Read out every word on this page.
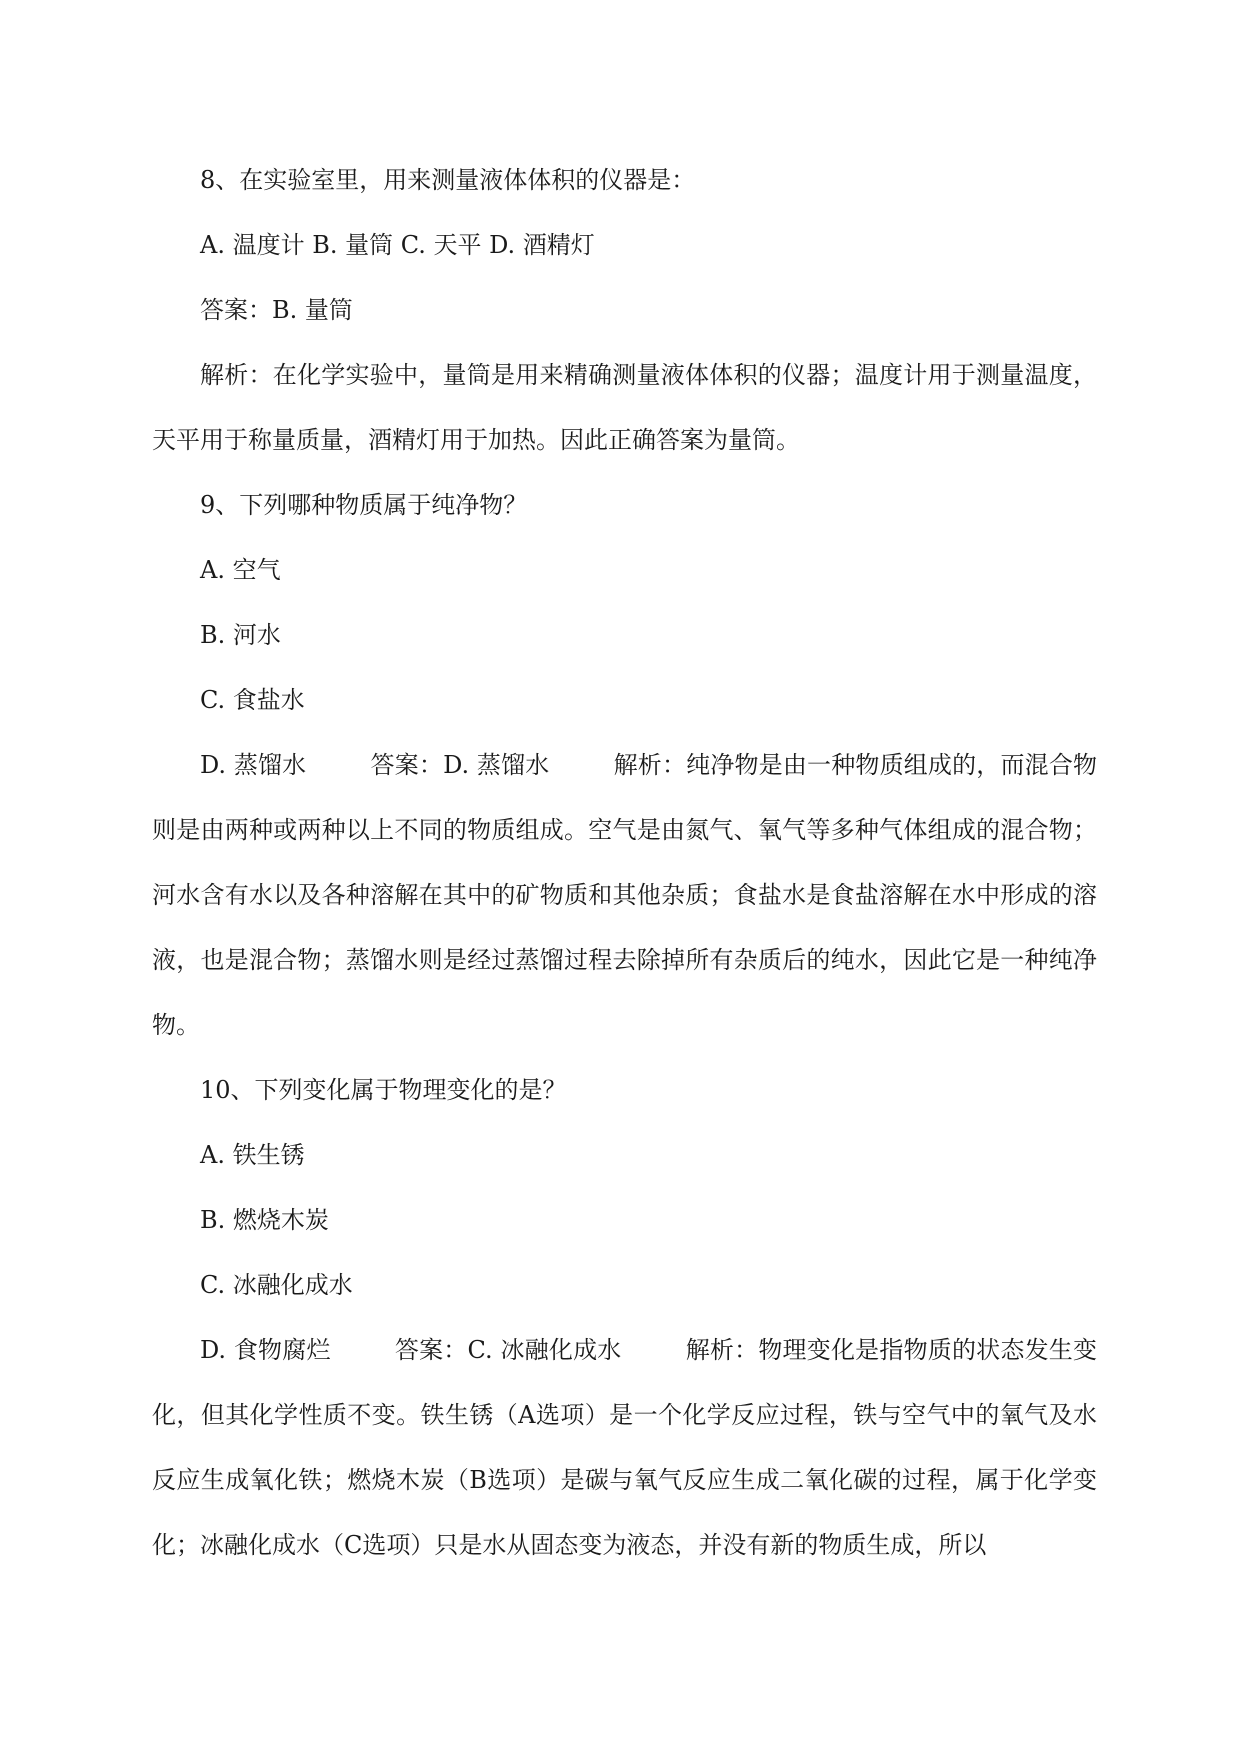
8、在实验室里，用来测量液体体积的仪器是：

A. 温度计 B. 量筒 C. 天平 D. 酒精灯

答案：B. 量筒

解析：在化学实验中，量筒是用来精确测量液体体积的仪器；温度计用于测量温度，天平用于称量质量，酒精灯用于加热。因此正确答案为量筒。

9、下列哪种物质属于纯净物？

A. 空气

B. 河水

C. 食盐水

D. 蒸馏水	答案：D. 蒸馏水	解析：纯净物是由一种物质组成的，而混合物则是由两种或两种以上不同的物质组成。空气是由氮气、氧气等多种气体组成的混合物；河水含有水以及各种溶解在其中的矿物质和其他杂质；食盐水是食盐溶解在水中形成的溶液，也是混合物；蒸馏水则是经过蒸馏过程去除掉所有杂质后的纯水，因此它是一种纯净物。

10、下列变化属于物理变化的是？

A. 铁生锈

B. 燃烧木炭

C. 冰融化成水

D. 食物腐烂	答案：C. 冰融化成水	解析：物理变化是指物质的状态发生变化，但其化学性质不变。铁生锈（A选项）是一个化学反应过程，铁与空气中的氧气及水反应生成氧化铁；燃烧木炭（B选项）是碳与氧气反应生成二氧化碳的过程，属于化学变化；冰融化成水（C选项）只是水从固态变为液态，并没有新的物质生成，所以
